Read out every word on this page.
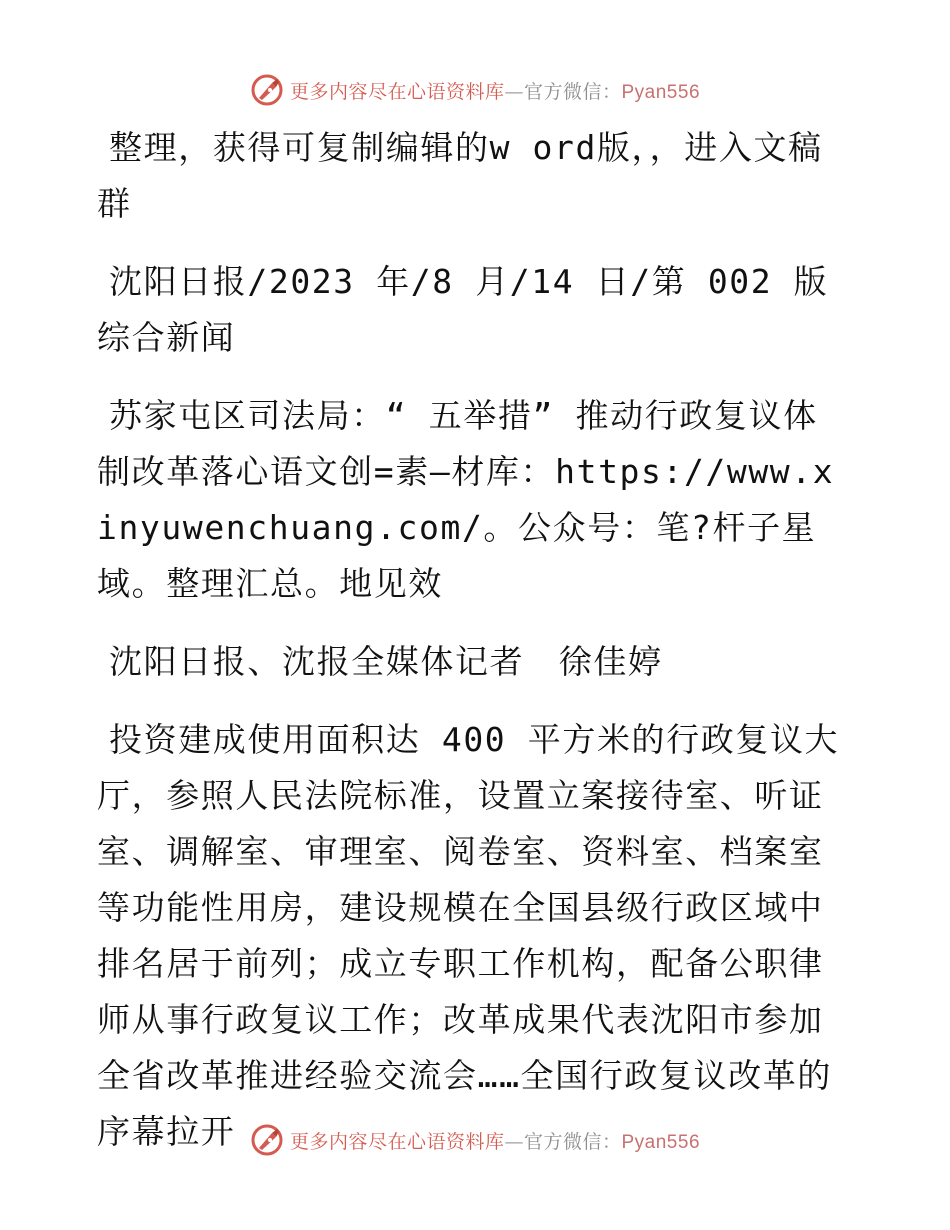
更多内容尽在心语资料库—官方微信：Pyan556

整理，获得可复制编辑的w ord版，，进入文稿群

沈阳日报/2023 年/8 月/14 日/第 002 版综合新闻

苏家屯区司法局：“ 五举措” 推动行政复议体制改革落心语文创=素—材库：https://www.xinyuwenchuang.com/。公众号：笔?杆子星域。整理汇总。地见效

沈阳日报、沈报全媒体记者　徐佳婷

投资建成使用面积达 400 平方米的行政复议大厅，参照人民法院标准，设置立案接待室、听证室、调解室、审理室、阅卷室、资料室、档案室等功能性用房，建设规模在全国县级行政区域中排名居于前列；成立专职工作机构，配备公职律师从事行政复议工作；改革成果代表沈阳市参加全省改革推进经验交流会……全国行政复议改革的序幕拉开	更多内容尽在心语资料库—官方微信：Pyan556
